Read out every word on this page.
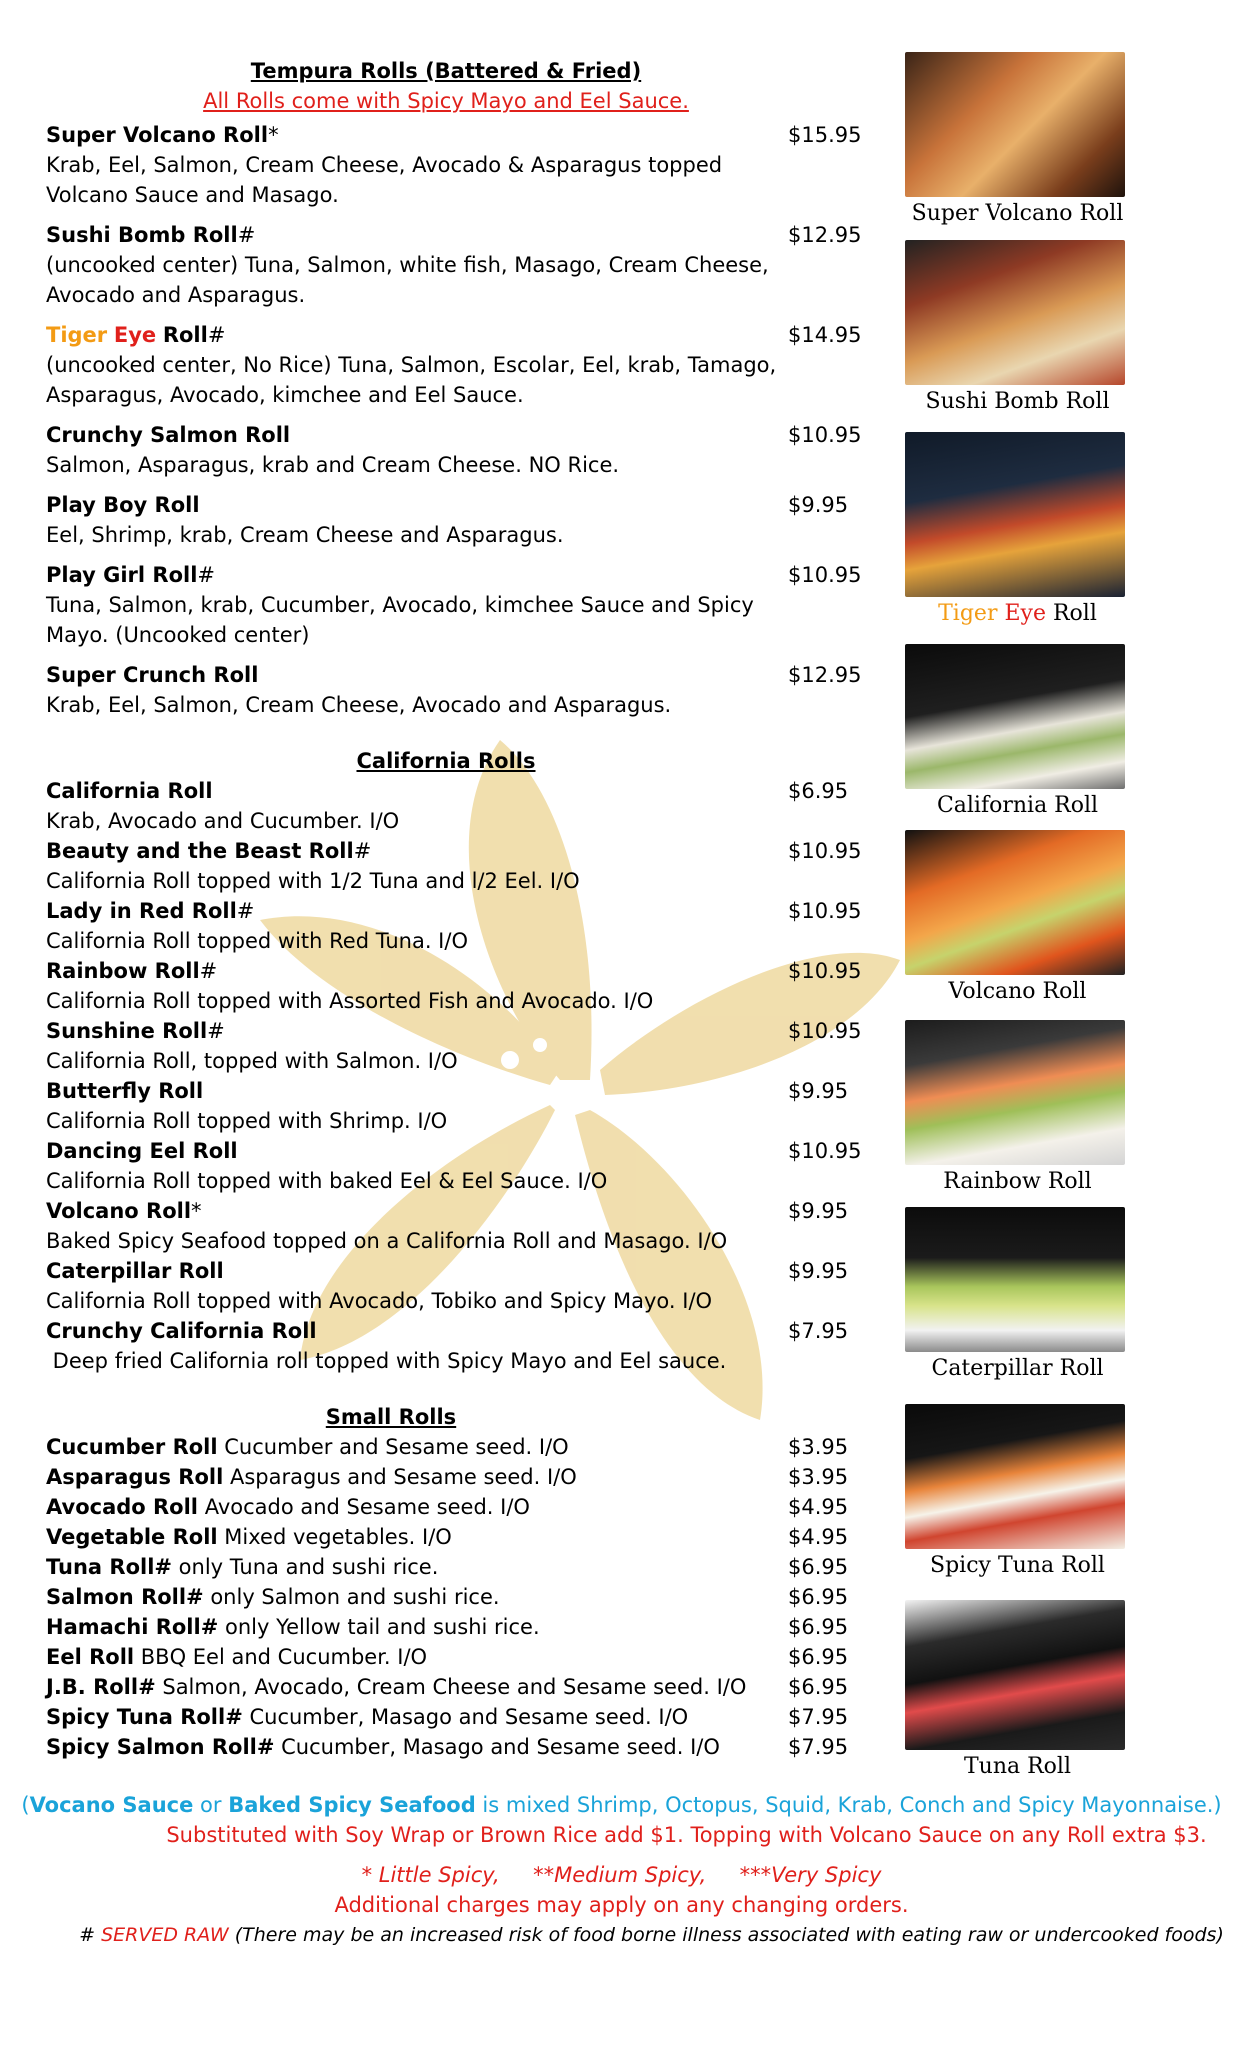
Tempura Rolls (Battered & Fried)
All Rolls come with Spicy Mayo and Eel Sauce.
Super Volcano Roll*	$15.95
Krab, Eel, Salmon, Cream Cheese, Avocado & Asparagus topped Volcano Sauce and Masago.
Sushi Bomb Roll#	$12.95
(uncooked center) Tuna, Salmon, white fish, Masago, Cream Cheese, Avocado and Asparagus.
Tiger Eye Roll#	$14.95
(uncooked center, No Rice) Tuna, Salmon, Escolar, Eel, krab, Tamago, Asparagus, Avocado, kimchee and Eel Sauce.
Crunchy Salmon Roll	$10.95
Salmon, Asparagus, krab and Cream Cheese. NO Rice.
Play Boy Roll	$9.95
Eel, Shrimp, krab, Cream Cheese and Asparagus.
Play Girl Roll#	$10.95
Tuna, Salmon, krab, Cucumber, Avocado, kimchee Sauce and Spicy Mayo. (Uncooked center)
Super Crunch Roll	$12.95
Krab, Eel, Salmon, Cream Cheese, Avocado and Asparagus.
California Rolls
California Roll	$6.95
Krab, Avocado and Cucumber. I/O
Beauty and the Beast Roll#	$10.95
California Roll topped with 1/2 Tuna and l/2 Eel. I/O
Lady in Red Roll#	$10.95
California Roll topped with Red Tuna. I/O
Rainbow Roll#	$10.95
California Roll topped with Assorted Fish and Avocado. I/O
Sunshine Roll#	$10.95
California Roll, topped with Salmon. I/O
Butterfly Roll	$9.95
California Roll topped with Shrimp. I/O
Dancing Eel Roll	$10.95
California Roll topped with baked Eel & Eel Sauce. I/O
Volcano Roll*	$9.95
Baked Spicy Seafood topped on a California Roll and Masago. I/O
Caterpillar Roll	$9.95
California Roll topped with Avocado, Tobiko and Spicy Mayo. I/O
Crunchy California Roll	$7.95
Deep fried California roll topped with Spicy Mayo and Eel sauce.
Small Rolls
Cucumber Roll Cucumber and Sesame seed. I/O	$3.95
Asparagus Roll Asparagus and Sesame seed. I/O	$3.95
Avocado Roll Avocado and Sesame seed. I/O	$4.95
Vegetable Roll Mixed vegetables. I/O	$4.95
Tuna Roll# only Tuna and sushi rice.	$6.95
Salmon Roll# only Salmon and sushi rice.	$6.95
Hamachi Roll# only Yellow tail and sushi rice.	$6.95
Eel Roll BBQ Eel and Cucumber. I/O	$6.95
J.B. Roll# Salmon, Avocado, Cream Cheese and Sesame seed. I/O $6.95
Spicy Tuna Roll# Cucumber, Masago and Sesame seed. I/O	$7.95
Spicy Salmon Roll# Cucumber, Masago and Sesame seed. I/O	$7.95
Super Volcano Roll
Sushi Bomb Roll
Tiger Eye Roll
California Roll
Volcano Roll
Rainbow Roll
Caterpillar Roll
Spicy Tuna Roll
Tuna Roll
(Vocano Sauce or Baked Spicy Seafood is mixed Shrimp, Octopus, Squid, Krab, Conch and Spicy Mayonnaise.)
Substituted with Soy Wrap or Brown Rice add $1. Topping with Volcano Sauce on any Roll extra $3.
* Little Spicy,     **Medium Spicy,     ***Very Spicy
Additional charges may apply on any changing orders.
# SERVED RAW (There may be an increased risk of food borne illness associated with eating raw or undercooked foods)
